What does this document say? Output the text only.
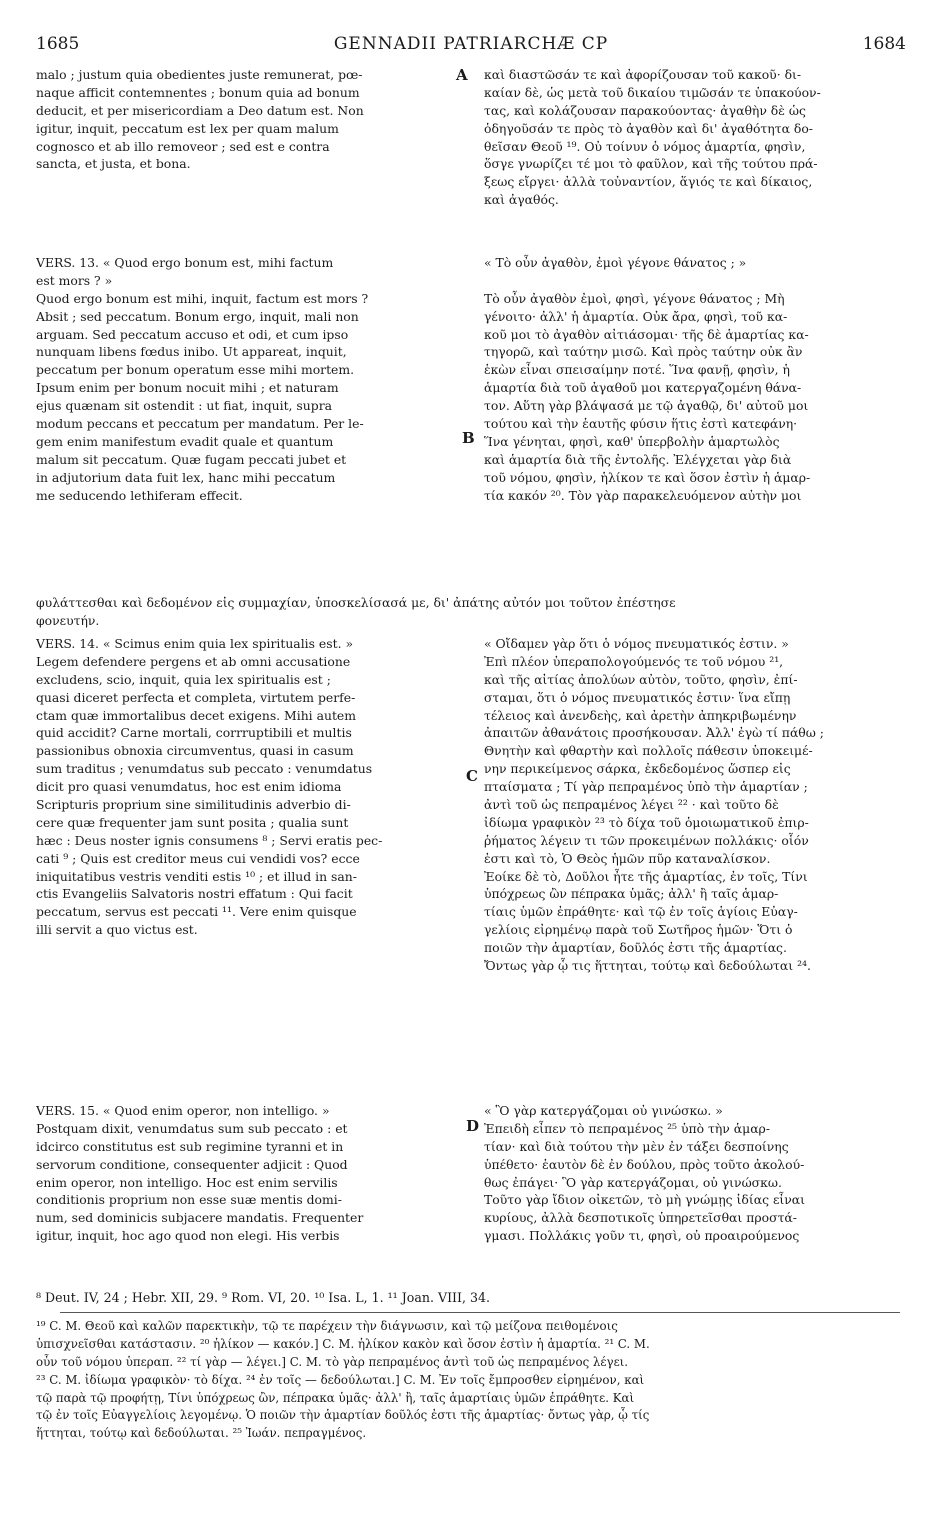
1685	GENNADII PATRIARCHÆ CP	1684
A
B
C
D
malo ; justum quia obedientes juste remunerat, pœ-
naque afficit contemnentes ; bonum quia ad bonum
deducit, et per misericordiam a Deo datum est. Non
igitur, inquit, peccatum est lex per quam malum
cognosco et ab illo removeor ; sed est e contra
sancta, et justa, et bona.
καὶ διαστῶσάν τε καὶ ἀφορίζουσαν τοῦ κακοῦ· δι-
καίαν δὲ, ὡς μετὰ τοῦ δικαίου τιμῶσάν τε ὑπακούον-
τας, καὶ κολάζουσαν παρακούοντας· ἀγαθὴν δὲ ὡς
ὁδηγοῦσάν τε πρὸς τὸ ἀγαθὸν καὶ δι' ἀγαθότητα δο-
θεῖσαν Θεοῦ ¹⁹. Οὐ τοίνυν ὁ νόμος ἁμαρτία, φησὶν,
ὅσγε γνωρίζει τέ μοι τὸ φαῦλον, καὶ τῆς τούτου πρά-
ξεως εἴργει· ἀλλὰ τοὐναντίον, ἅγιός τε καὶ δίκαιος,
καὶ ἀγαθός.
VERS. 13. « Quod ergo bonum est, mihi factum
est mors ? »
Quod ergo bonum est mihi, inquit, factum est mors ?
Absit ; sed peccatum. Bonum ergo, inquit, mali non
arguam. Sed peccatum accuso et odi, et cum ipso
nunquam libens fœdus inibo. Ut appareat, inquit,
peccatum per bonum operatum esse mihi mortem.
Ipsum enim per bonum nocuit mihi ; et naturam
ejus quænam sit ostendit : ut fiat, inquit, supra
modum peccans et peccatum per mandatum. Per le-
gem enim manifestum evadit quale et quantum
malum sit peccatum. Quæ fugam peccati jubet et
in adjutorium data fuit lex, hanc mihi peccatum
me seducendo lethiferam effecit.
« Τὸ οὖν ἀγαθὸν, ἐμοὶ γέγονε θάνατος ; »
Τὸ οὖν ἀγαθὸν ἐμοὶ, φησὶ, γέγονε θάνατος ; Μὴ
γένοιτο· ἀλλ' ἡ ἁμαρτία. Οὐκ ἄρα, φησὶ, τοῦ κα-
κοῦ μοι τὸ ἀγαθὸν αἰτιάσομαι· τῆς δὲ ἁμαρτίας κα-
τηγορῶ, καὶ ταύτην μισῶ. Καὶ πρὸς ταύτην οὐκ ἂν
ἑκὼν εἶναι σπεισαίμην ποτέ. Ἵνα φανῇ, φησὶν, ἡ
ἁμαρτία διὰ τοῦ ἀγαθοῦ μοι κατεργαζομένη θάνα-
τον. Αὕτη γὰρ βλάψασά με τῷ ἀγαθῷ, δι' αὐτοῦ μοι
τούτου καὶ τὴν ἑαυτῆς φύσιν ἥτις ἐστὶ κατεφάνη·
Ἵνα γένηται, φησὶ, καθ' ὑπερβολὴν ἁμαρτωλὸς
καὶ ἁμαρτία διὰ τῆς ἐντολῆς. Ἐλέγχεται γὰρ διὰ
τοῦ νόμου, φησὶν, ἡλίκον τε καὶ ὅσον ἐστὶν ἡ ἁμαρ-
τία κακόν ²⁰. Τὸν γὰρ παρακελευόμενον αὐτὴν μοι
φυλάττεσθαι καὶ δεδομένον εἰς συμμαχίαν, ὑποσκελίσασά με, δι' ἀπάτης αὐτόν μοι τοῦτον ἐπέστησε
φονευτήν.
VERS. 14. « Scimus enim quia lex spiritualis est. »
Legem defendere pergens et ab omni accusatione
excludens, scio, inquit, quia lex spiritualis est ;
quasi diceret perfecta et completa, virtutem perfe-
ctam quæ immortalibus decet exigens. Mihi autem
quid accidit? Carne mortali, corrruptibili et multis
passionibus obnoxia circumventus, quasi in casum
sum traditus ; venumdatus sub peccato : venumdatus
dicit pro quasi venumdatus, hoc est enim idioma
Scripturis proprium sine similitudinis adverbio di-
cere quæ frequenter jam sunt posita ; qualia sunt
hæc : Deus noster ignis consumens ⁸ ; Servi eratis pec-
cati ⁹ ; Quis est creditor meus cui vendidi vos? ecce
iniquitatibus vestris venditi estis ¹⁰ ; et illud in san-
ctis Evangeliis Salvatoris nostri effatum : Qui facit
peccatum, servus est peccati ¹¹. Vere enim quisque
illi servit a quo victus est.
« Οἴδαμεν γὰρ ὅτι ὁ νόμος πνευματικός ἐστιν. »
Ἐπὶ πλέον ὑπεραπολογούμενός τε τοῦ νόμου ²¹,
καὶ τῆς αἰτίας ἀπολύων αὐτὸν, τοῦτο, φησὶν, ἐπί-
σταμαι, ὅτι ὁ νόμος πνευματικός ἐστιν· ἵνα εἴπῃ
τέλειος καὶ ἀνενδεὴς, καὶ ἀρετὴν ἀπηκριβωμένην
ἀπαιτῶν ἀθανάτοις προσήκουσαν. Ἀλλ' ἐγὼ τί πάθω ;
Θνητὴν καὶ φθαρτὴν καὶ πολλοῖς πάθεσιν ὑποκειμέ-
νην περικείμενος σάρκα, ἐκδεδομένος ὥσπερ εἰς
πταίσματα ; Τί γὰρ πεπραμένος ὑπὸ τὴν ἁμαρτίαν ;
ἀντὶ τοῦ ὡς πεπραμένος λέγει ²² · καὶ τοῦτο δὲ
ἰδίωμα γραφικὸν ²³ τὸ δίχα τοῦ ὁμοιωματικοῦ ἐπιρ-
ῥήματος λέγειν τι τῶν προκειμένων πολλάκις· οἷόν
ἐστι καὶ τὸ, Ὁ Θεὸς ἡμῶν πῦρ καταναλίσκον.
Ἐοίκε δὲ τὸ, Δοῦλοι ἦτε τῆς ἁμαρτίας, ἐν τοῖς, Τίνι
ὑπόχρεως ὢν πέπρακα ὑμᾶς; ἀλλ' ἢ ταῖς ἁμαρ-
τίαις ὑμῶν ἐπράθητε· καὶ τῷ ἐν τοῖς ἁγίοις Εὐαγ-
γελίοις εἰρημένῳ παρὰ τοῦ Σωτῆρος ἡμῶν· Ὅτι ὁ
ποιῶν τὴν ἁμαρτίαν, δοῦλός ἐστι τῆς ἁμαρτίας.
Ὄντως γὰρ ᾧ τις ἥττηται, τούτῳ καὶ δεδούλωται ²⁴.
VERS. 15. « Quod enim operor, non intelligo. »
Postquam dixit, venumdatus sum sub peccato : et
idcirco constitutus est sub regimine tyranni et in
servorum conditione, consequenter adjicit : Quod
enim operor, non intelligo. Hoc est enim servilis
conditionis proprium non esse suæ mentis domi-
num, sed dominicis subjacere mandatis. Frequenter
igitur, inquit, hoc ago quod non elegi. His verbis
« Ὃ γὰρ κατεργάζομαι οὐ γινώσκω. »
Ἐπειδὴ εἶπεν τὸ πεπραμένος ²⁵ ὑπὸ τὴν ἁμαρ-
τίαν· καὶ διὰ τούτου τὴν μὲν ἐν τάξει δεσποίνης
ὑπέθετο· ἑαυτὸν δὲ ἐν δούλου, πρὸς τοῦτο ἀκολού-
θως ἐπάγει· Ὃ γὰρ κατεργάζομαι, οὐ γινώσκω.
Τοῦτο γὰρ ἴδιον οἰκετῶν, τὸ μὴ γνώμῃς ἰδίας εἶναι
κυρίους, ἀλλὰ δεσποτικοῖς ὑπηρετεῖσθαι προστά-
γμασι. Πολλάκις γοῦν τι, φησὶ, οὐ προαιρούμενος
⁸ Deut. IV, 24 ; Hebr. XII, 29. ⁹ Rom. VI, 20. ¹⁰ Isa. L, 1. ¹¹ Joan. VIII, 34.
¹⁹ C. M. Θεοῦ καὶ καλῶν παρεκτικὴν, τῷ τε παρέχειν τὴν διάγνωσιν, καὶ τῷ μείζονα πειθομένοις
ὑπισχνεῖσθαι κατάστασιν. ²⁰ ἡλίκον — κακόν.] C. M. ἡλίκον κακὸν καὶ ὅσον ἐστὶν ἡ ἁμαρτία. ²¹ C. M.
οὖν τοῦ νόμου ὑπεραπ. ²² τί γὰρ — λέγει.] C. M. τὸ γὰρ πεπραμένος ἀντὶ τοῦ ὡς πεπραμένος λέγει.
²³ C. M. ἰδίωμα γραφικὸν· τὸ δίχα. ²⁴ ἐν τοῖς — δεδούλωται.] C. M. Ἐν τοῖς ἔμπροσθεν εἰρημένον, καὶ
τῷ παρὰ τῷ προφήτῃ, Τίνι ὑπόχρεως ὢν, πέπρακα ὑμᾶς· ἀλλ' ἢ, ταῖς ἁμαρτίαις ὑμῶν ἐπράθητε. Καὶ
τῷ ἐν τοῖς Εὐαγγελίοις λεγομένῳ. Ὁ ποιῶν τὴν ἁμαρτίαν δοῦλός ἐστι τῆς ἁμαρτίας· ὄντως γὰρ, ᾧ τίς
ἥττηται, τούτῳ καὶ δεδούλωται. ²⁵ Ἰωάν. πεπραγμένος.
